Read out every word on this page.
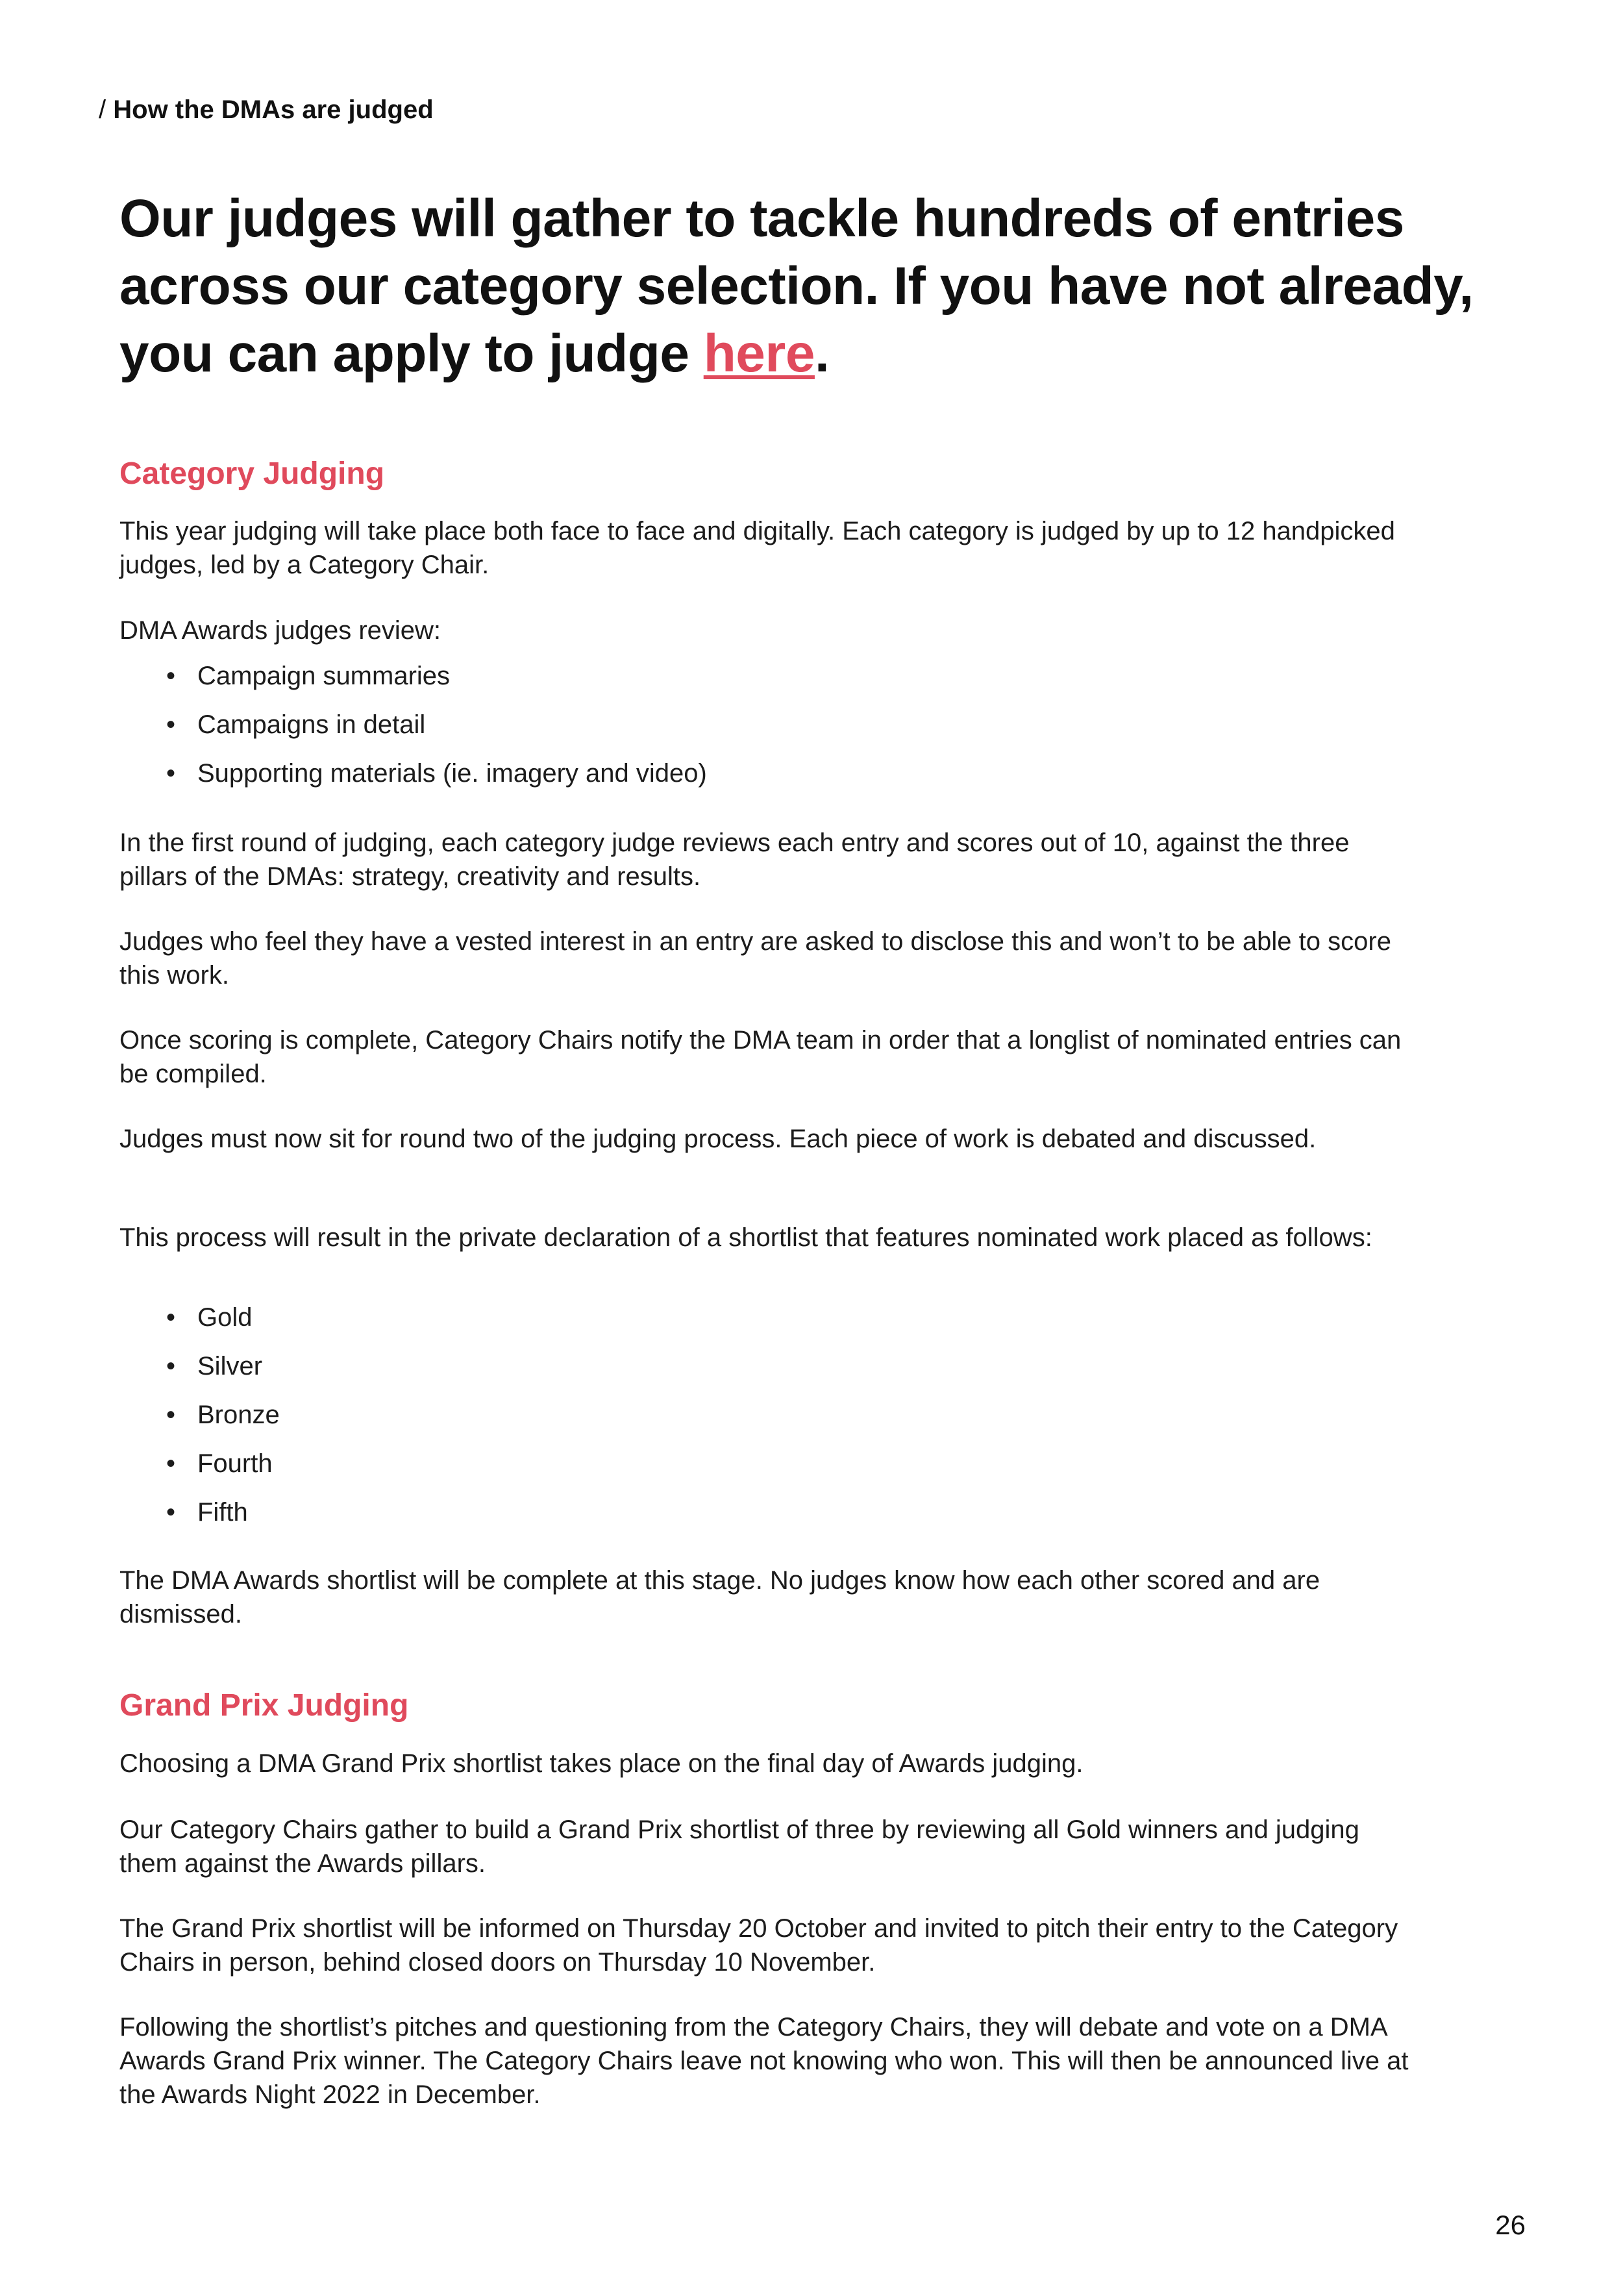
/ How the DMAs are judged
Our judges will gather to tackle hundreds of entries across our category selection. If you have not already, you can apply to judge here.
Category Judging

This year judging will take place both face to face and digitally. Each category is judged by up to 12 handpicked judges, led by a Category Chair.

DMA Awards judges review:

• Campaign summaries
• Campaigns in detail
• Supporting materials (ie. imagery and video)

In the first round of judging, each category judge reviews each entry and scores out of 10, against the three pillars of the DMAs: strategy, creativity and results.

Judges who feel they have a vested interest in an entry are asked to disclose this and won’t to be able to score this work.

Once scoring is complete, Category Chairs notify the DMA team in order that a longlist of nominated entries can be compiled.

Judges must now sit for round two of the judging process. Each piece of work is debated and discussed.

This process will result in the private declaration of a shortlist that features nominated work placed as follows:

• Gold
• Silver
• Bronze
• Fourth
• Fifth

The DMA Awards shortlist will be complete at this stage. No judges know how each other scored and are dismissed.

Grand Prix Judging

Choosing a DMA Grand Prix shortlist takes place on the final day of Awards judging.

Our Category Chairs gather to build a Grand Prix shortlist of three by reviewing all Gold winners and judging them against the Awards pillars.

The Grand Prix shortlist will be informed on Thursday 20 October and invited to pitch their entry to the Category Chairs in person, behind closed doors on Thursday 10 November.

Following the shortlist’s pitches and questioning from the Category Chairs, they will debate and vote on a DMA Awards Grand Prix winner. The Category Chairs leave not knowing who won. This will then be announced live at the Awards Night 2022 in December.

26
